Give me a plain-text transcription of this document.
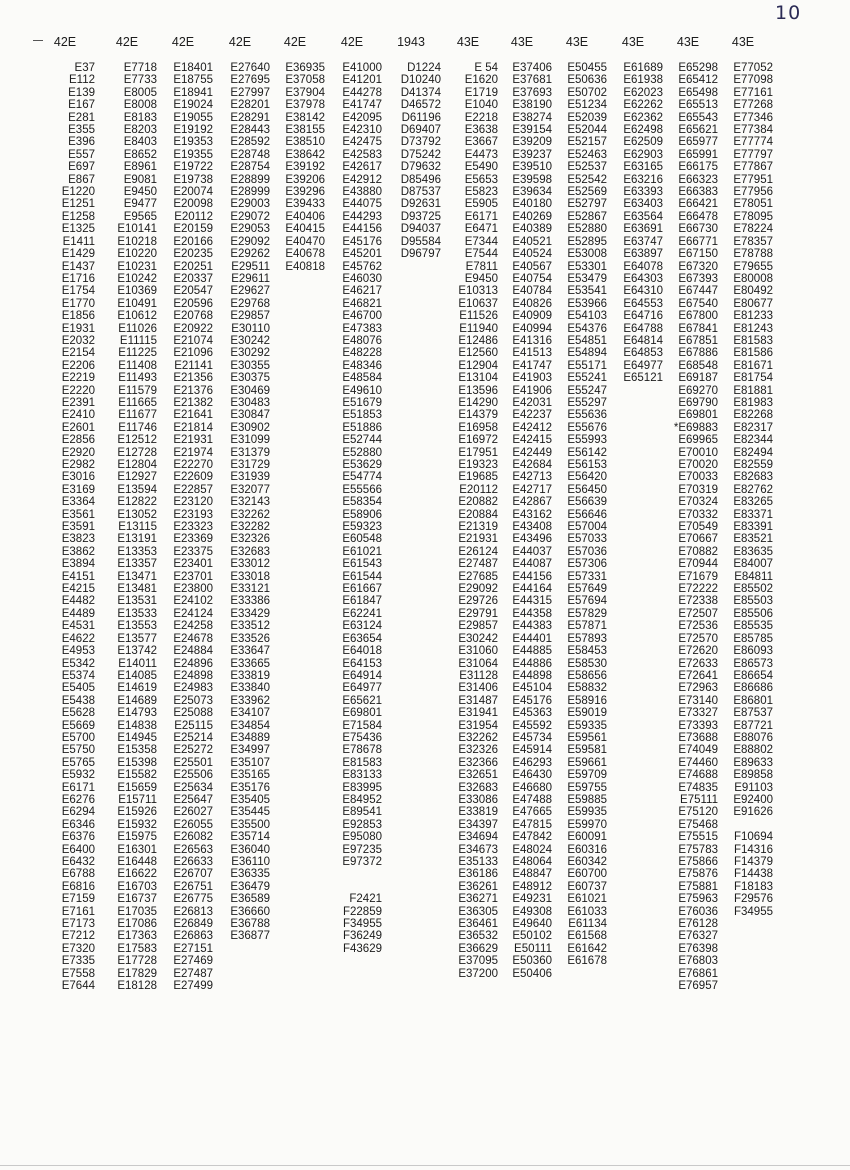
10
42E
E37
E112
E139
E167
E281
E355
E396
E557
E697
E867
E1220
E1251
E1258
E1325
E1411
E1429
E1437
E1716
E1754
E1770
E1856
E1931
E2032
E2154
E2206
E2219
E2220
E2391
E2410
E2601
E2856
E2920
E2982
E3016
E3169
E3364
E3561
E3591
E3823
E3862
E3894
E4151
E4215
E4482
E4489
E4531
E4622
E4953
E5342
E5374
E5405
E5438
E5628
E5669
E5700
E5750
E5765
E5932
E6171
E6276
E6294
E6346
E6376
E6400
E6432
E6788
E6816
E7159
E7161
E7173
E7212
E7320
E7335
E7558
E7644
42E
E7718
E7733
E8005
E8008
E8183
E8203
E8403
E8652
E8961
E9081
E9450
E9477
E9565
E10141
E10218
E10220
E10231
E10242
E10369
E10491
E10612
E11026
E11115
E11225
E11408
E11493
E11579
E11665
E11677
E11746
E12512
E12728
E12804
E12927
E13594
E12822
E13052
E13115
E13191
E13353
E13357
E13471
E13481
E13531
E13533
E13553
E13577
E13742
E14011
E14085
E14619
E14689
E14793
E14838
E14945
E15358
E15398
E15582
E15659
E15711
E15926
E15932
E15975
E16301
E16448
E16622
E16703
E16737
E17035
E17086
E17363
E17583
E17728
E17829
E18128
42E
E18401
E18755
E18941
E19024
E19055
E19192
E19353
E19355
E19722
E19738
E20074
E20098
E20112
E20159
E20166
E20235
E20251
E20337
E20547
E20596
E20768
E20922
E21074
E21096
E21141
E21356
E21376
E21382
E21641
E21814
E21931
E21974
E22270
E22609
E22857
E23120
E23193
E23323
E23369
E23375
E23401
E23701
E23800
E24102
E24124
E24258
E24678
E24884
E24896
E24898
E24983
E25073
E25088
E25115
E25214
E25272
E25501
E25506
E25634
E25647
E26027
E26055
E26082
E26563
E26633
E26707
E26751
E26775
E26813
E26849
E26863
E27151
E27469
E27487
E27499
42E
E27640
E27695
E27997
E28201
E28291
E28443
E28592
E28748
E28754
E28899
E28999
E29003
E29072
E29053
E29092
E29262
E29511
E29611
E29627
E29768
E29857
E30110
E30242
E30292
E30355
E30375
E30469
E30483
E30847
E30902
E31099
E31379
E31729
E31939
E32077
E32143
E32262
E32282
E32326
E32683
E33012
E33018
E33121
E33386
E33429
E33512
E33526
E33647
E33665
E33819
E33840
E33962
E34107
E34854
E34889
E34997
E35107
E35165
E35176
E35405
E35445
E35500
E35714
E36040
E36110
E36335
E36479
E36589
E36660
E36788
E36877
42E
E36935
E37058
E37904
E37978
E38142
E38155
E38510
E38642
E39192
E39206
E39296
E39433
E40406
E40415
E40470
E40678
E40818
42E
E41000
E41201
E44278
E41747
E42095
E42310
E42475
E42583
E42617
E42912
E43880
E44075
E44293
E44156
E45176
E45201
E45762
E46030
E46217
E46821
E46700
E47383
E48076
E48228
E48346
E48584
E49610
E51679
E51853
E51886
E52744
E52880
E53629
E54774
E55566
E58354
E58906
E59323
E60548
E61021
E61543
E61544
E61667
E61847
E62241
E63124
E63654
E64018
E64153
E64914
E64977
E65621
E69801
E71584
E75436
E78678
E81583
E83133
E83995
E84952
E89541
E92853
E95080
E97235
E97372
F2421
F22859
F34955
F36249
F43629
1943
D1224
D10240
D41374
D46572
D61196
D69407
D73792
D75242
D79632
D85496
D87537
D92631
D93725
D94037
D95584
D96797
43E
E 54
E1620
E1719
E1040
E2218
E3638
E3667
E4473
E5490
E5653
E5823
E5905
E6171
E6471
E7344
E7544
E7811
E9450
E10313
E10637
E11526
E11940
E12486
E12560
E12904
E13104
E13596
E14290
E14379
E16958
E16972
E17951
E19323
E19685
E20112
E20882
E20884
E21319
E21931
E26124
E27487
E27685
E29092
E29726
E29791
E29857
E30242
E31060
E31064
E31128
E31406
E31487
E31941
E31954
E32262
E32326
E32366
E32651
E32683
E33086
E33819
E34397
E34694
E34673
E35133
E36186
E36261
E36271
E36305
E36461
E36532
E36629
E37095
E37200
43E
E37406
E37681
E37693
E38190
E38274
E39154
E39209
E39237
E39510
E39598
E39634
E40180
E40269
E40389
E40521
E40524
E40567
E40754
E40784
E40826
E40909
E40994
E41316
E41513
E41747
E41903
E41906
E42031
E42237
E42412
E42415
E42449
E42684
E42713
E42717
E42867
E43162
E43408
E43496
E44037
E44087
E44156
E44164
E44315
E44358
E44383
E44401
E44885
E44886
E44898
E45104
E45176
E45363
E45592
E45734
E45914
E46293
E46430
E46680
E47488
E47665
E47815
E47842
E48024
E48064
E48847
E48912
E49231
E49308
E49640
E50102
E50111
E50360
E50406
43E
E50455
E50636
E50702
E51234
E52039
E52044
E52157
E52463
E52537
E52542
E52569
E52797
E52867
E52880
E52895
E53008
E53301
E53479
E53541
E53966
E54103
E54376
E54851
E54894
E55171
E55241
E55247
E55297
E55636
E55676
E55993
E56142
E56153
E56420
E56450
E56639
E56646
E57004
E57033
E57036
E57306
E57331
E57649
E57694
E57829
E57871
E57893
E58453
E58530
E58656
E58832
E58916
E59019
E59335
E59561
E59581
E59661
E59709
E59755
E59885
E59935
E59970
E60091
E60316
E60342
E60700
E60737
E61021
E61033
E61134
E61568
E61642
E61678
43E
E61689
E61938
E62023
E62262
E62362
E62498
E62509
E62903
E63165
E63216
E63393
E63403
E63564
E63691
E63747
E63897
E64078
E64303
E64310
E64553
E64716
E64788
E64814
E64853
E64977
E65121
43E
E65298
E65412
E65498
E65513
E65543
E65621
E65977
E65991
E66175
E66323
E66383
E66421
E66478
E66730
E66771
E67150
E67320
E67393
E67447
E67540
E67800
E67841
E67851
E67886
E68548
E69187
E69270
E69790
E69801
*E69883
E69965
E70010
E70020
E70033
E70319
E70324
E70332
E70549
E70667
E70882
E70944
E71679
E72222
E72338
E72507
E72536
E72570
E72620
E72633
E72641
E72963
E73140
E73327
E73393
E73688
E74049
E74460
E74688
E74835
E75111
E75120
E75468
E75515
E75783
E75866
E75876
E75881
E75963
E76036
E76128
E76327
E76398
E76803
E76861
E76957
43E
E77052
E77098
E77161
E77268
E77346
E77384
E77774
E77797
E77867
E77951
E77956
E78051
E78095
E78224
E78357
E78788
E79655
E80008
E80492
E80677
E81233
E81243
E81583
E81586
E81671
E81754
E81881
E81983
E82268
E82317
E82344
E82494
E82559
E82683
E82762
E83265
E83371
E83391
E83521
E83635
E84007
E84811
E85502
E85503
E85506
E85535
E85785
E86093
E86573
E86654
E86686
E86801
E87537
E87721
E88076
E88802
E89633
E89858
E91103
E92400
E91626
F10694
F14316
F14379
F14438
F18183
F29576
F34955
